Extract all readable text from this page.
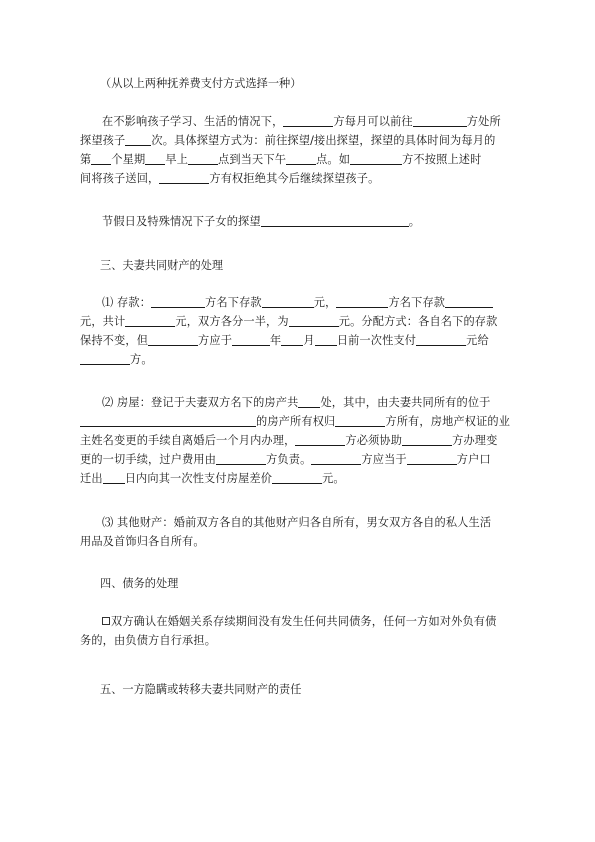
（从以上两种抚养费支付方式选择一种）
在不影响孩子学习、生活的情况下，	方每月可以前往	方处所
探望孩子 次。具体探望方式为：前往探望/接出探望，探望的具体时间为每月的
第 个星期 早上	点到当天下午	点。如	方不按照上述时
间将孩子送回，	方有权拒绝其今后继续探望孩子。
节假日及特殊情况下子女的探望	。
三、夫妻共同财产的处理
⑴ 存款：	方名下存款	元，	方名下存款
元，共计	元，双方各分一半，为	元。分配方式：各自名下的存款
保持不变，但	方应于	年 月 日前一次性支付	元给
方。
⑵ 房屋：登记于夫妻双方名下的房产共 处，其中，由夫妻共同所有的位于
的房产所有权归	方所有，房地产权证的业
主姓名变更的手续自离婚后一个月内办理，	方必须协助	方办理变
更的一切手续，过户费用由	方负责。	方应当于	方户口
迁出 日内向其一次性支付房屋差价	元。
⑶ 其他财产：婚前双方各自的其他财产归各自所有，男女双方各自的私人生活
用品及首饰归各自所有。
四、债务的处理
双方确认在婚姻关系存续期间没有发生任何共同债务，任何一方如对外负有债
务的，由负债方自行承担。
五、一方隐瞒或转移夫妻共同财产的责任
